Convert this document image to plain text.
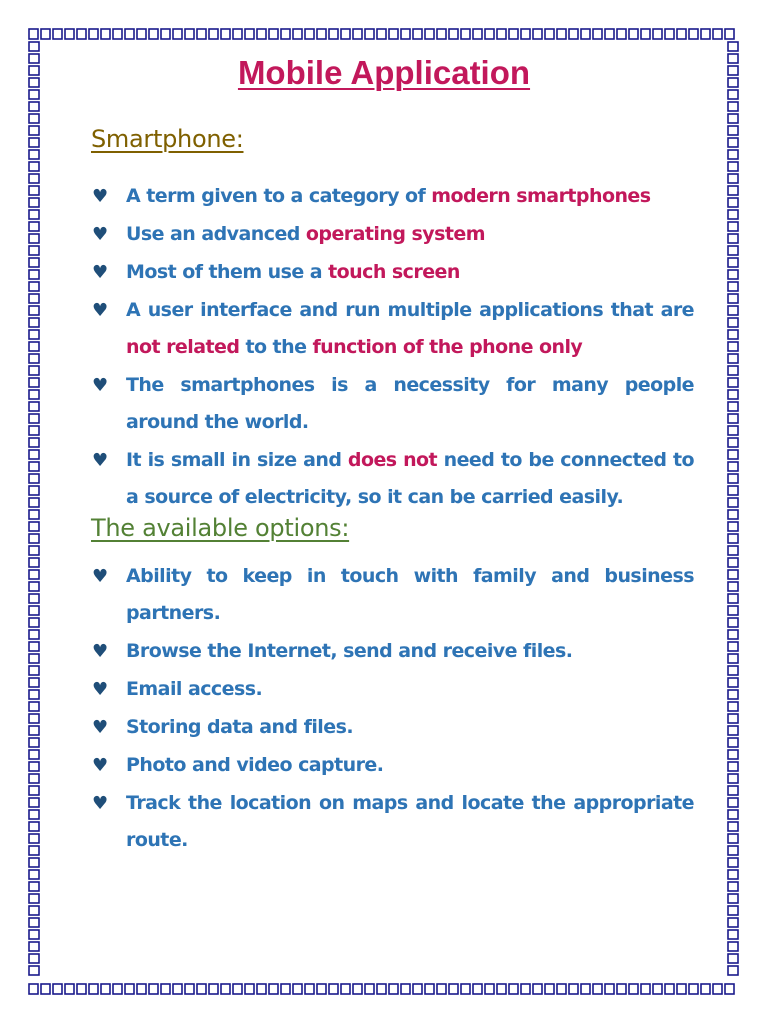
Mobile Application
Smartphone:
♥ A term given to a category of modern smartphones
♥ Use an advanced operating system
♥ Most of them use a touch screen
♥ A user interface and run multiple applications that are not related to the function of the phone only
♥ The smartphones is a necessity for many people around the world.
♥ It is small in size and does not need to be connected to a source of electricity, so it can be carried easily.
The available options:
♥ Ability to keep in touch with family and business partners.
♥ Browse the Internet, send and receive files.
♥ Email access.
♥ Storing data and files.
♥ Photo and video capture.
♥ Track the location on maps and locate the appropriate route.
